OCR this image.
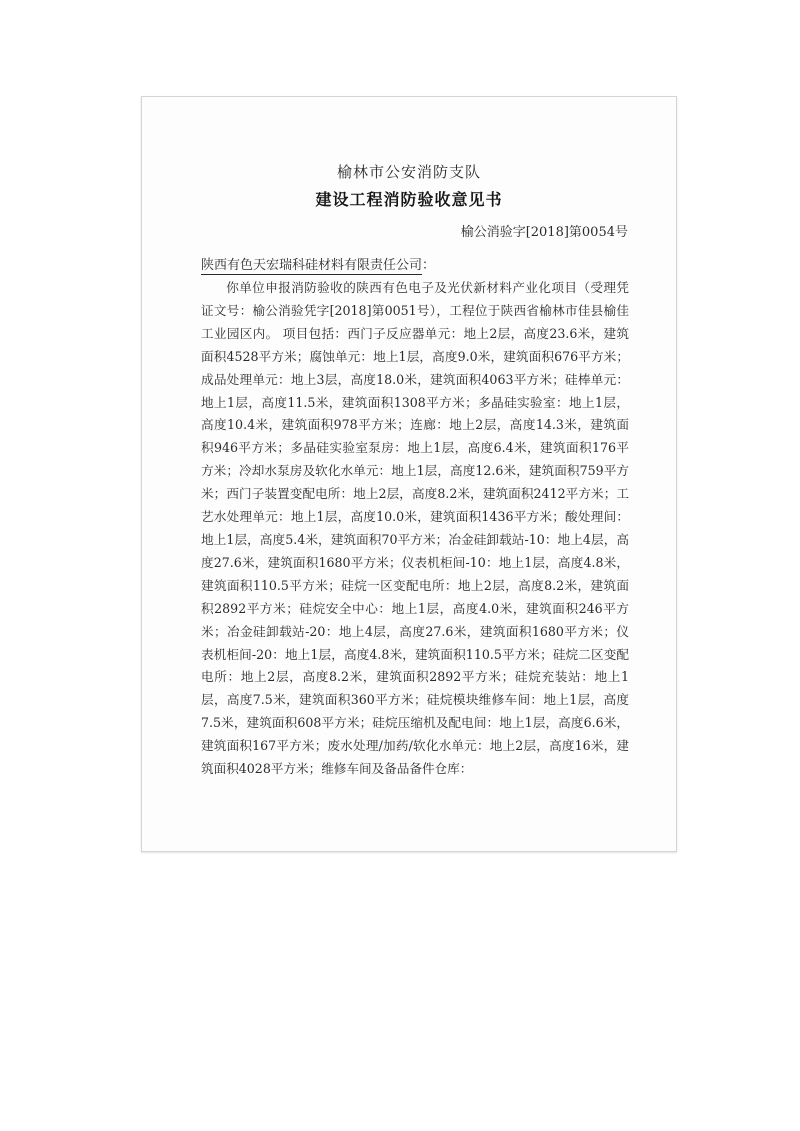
榆林市公安消防支队
建设工程消防验收意见书
榆公消验字[2018]第0054号
陕西有色天宏瑞科硅材料有限责任公司：

你单位申报消防验收的陕西有色电子及光伏新材料产业化项目（受理凭证文号：榆公消验凭字[2018]第0051号），工程位于陕西省榆林市佳县榆佳工业园区内。 项目包括：西门子反应器单元：地上2层，高度23.6米，建筑面积4528平方米；腐蚀单元：地上1层，高度9.0米，建筑面积676平方米；成品处理单元：地上3层，高度18.0米，建筑面积4063平方米；硅棒单元：地上1层，高度11.5米，建筑面积1308平方米；多晶硅实验室：地上1层，高度10.4米，建筑面积978平方米；连廊：地上2层，高度14.3米，建筑面积946平方米；多晶硅实验室泵房：地上1层，高度6.4米，建筑面积176平方米；冷却水泵房及软化水单元：地上1层，高度12.6米，建筑面积759平方米；西门子装置变配电所：地上2层，高度8.2米，建筑面积2412平方米；工艺水处理单元：地上1层，高度10.0米，建筑面积1436平方米；酸处理间：地上1层，高度5.4米，建筑面积70平方米；冶金硅卸载站-10：地上4层，高度27.6米，建筑面积1680平方米；仪表机柜间-10：地上1层，高度4.8米，建筑面积110.5平方米；硅烷一区变配电所：地上2层，高度8.2米，建筑面积2892平方米；硅烷安全中心：地上1层，高度4.0米，建筑面积246平方米；冶金硅卸载站-20：地上4层，高度27.6米，建筑面积1680平方米；仪表机柜间-20：地上1层，高度4.8米，建筑面积110.5平方米；硅烷二区变配电所：地上2层，高度8.2米，建筑面积2892平方米；硅烷充装站：地上1层，高度7.5米，建筑面积360平方米；硅烷模块维修车间：地上1层，高度7.5米，建筑面积608平方米；硅烷压缩机及配电间：地上1层，高度6.6米，建筑面积167平方米；废水处理/加药/软化水单元：地上2层，高度16米，建筑面积4028平方米；维修车间及备品备件仓库：
